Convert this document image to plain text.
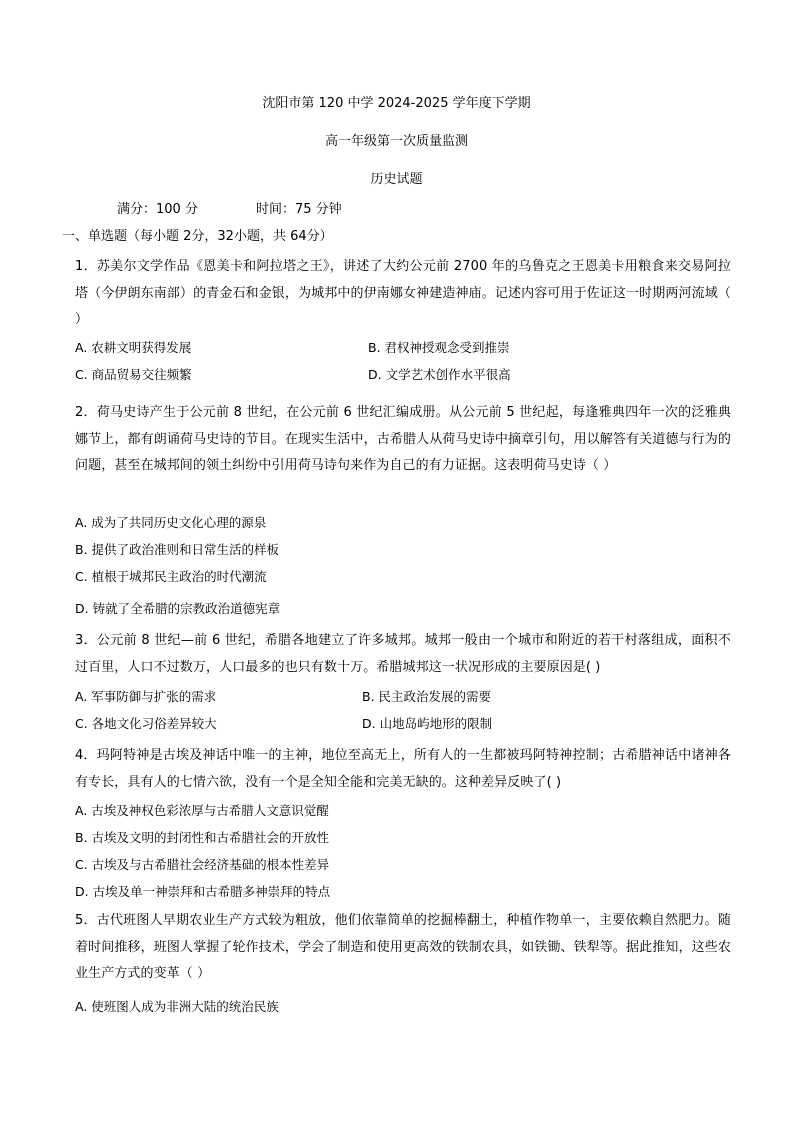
沈阳市第 120 中学 2024-2025 学年度下学期
高一年级第一次质量监测
历史试题
满分：100 分	时间：75 分钟
一、单选题（每小题 2分，32小题，共 64分）
1．苏美尔文学作品《恩美卡和阿拉塔之王》，讲述了大约公元前 2700 年的乌鲁克之王恩美卡用粮食来交易阿拉塔（今伊朗东南部）的青金石和金银，为城邦中的伊南娜女神建造神庙。记述内容可用于佐证这一时期两河流域（ ）
A. 农耕文明获得发展	B. 君权神授观念受到推崇
C. 商品贸易交往频繁	D. 文学艺术创作水平很高
2．荷马史诗产生于公元前 8 世纪，在公元前 6 世纪汇编成册。从公元前 5 世纪起，每逢雅典四年一次的泛雅典娜节上，都有朗诵荷马史诗的节目。在现实生活中，古希腊人从荷马史诗中摘章引句，用以解答有关道德与行为的问题，甚至在城邦间的领土纠纷中引用荷马诗句来作为自己的有力证据。这表明荷马史诗（ ）
A. 成为了共同历史文化心理的源泉
B. 提供了政治准则和日常生活的样板
C. 植根于城邦民主政治的时代潮流
D. 铸就了全希腊的宗教政治道德宪章
3．公元前 8 世纪—前 6 世纪，希腊各地建立了许多城邦。城邦一般由一个城市和附近的若干村落组成，面积不过百里，人口不过数万，人口最多的也只有数十万。希腊城邦这一状况形成的主要原因是( )
A. 军事防御与扩张的需求	B. 民主政治发展的需要
C. 各地文化习俗差异较大	D. 山地岛屿地形的限制
4．玛阿特神是古埃及神话中唯一的主神，地位至高无上，所有人的一生都被玛阿特神控制；古希腊神话中诸神各有专长，具有人的七情六欲，没有一个是全知全能和完美无缺的。这种差异反映了( )
A. 古埃及神权色彩浓厚与古希腊人文意识觉醒
B. 古埃及文明的封闭性和古希腊社会的开放性
C. 古埃及与古希腊社会经济基础的根本性差异
D. 古埃及单一神崇拜和古希腊多神崇拜的特点
5．古代班图人早期农业生产方式较为粗放，他们依靠简单的挖掘棒翻土，种植作物单一，主要依赖自然肥力。随着时间推移，班图人掌握了轮作技术，学会了制造和使用更高效的铁制农具，如铁锄、铁犁等。据此推知，这些农业生产方式的变革（ ）
A. 使班图人成为非洲大陆的统治民族
